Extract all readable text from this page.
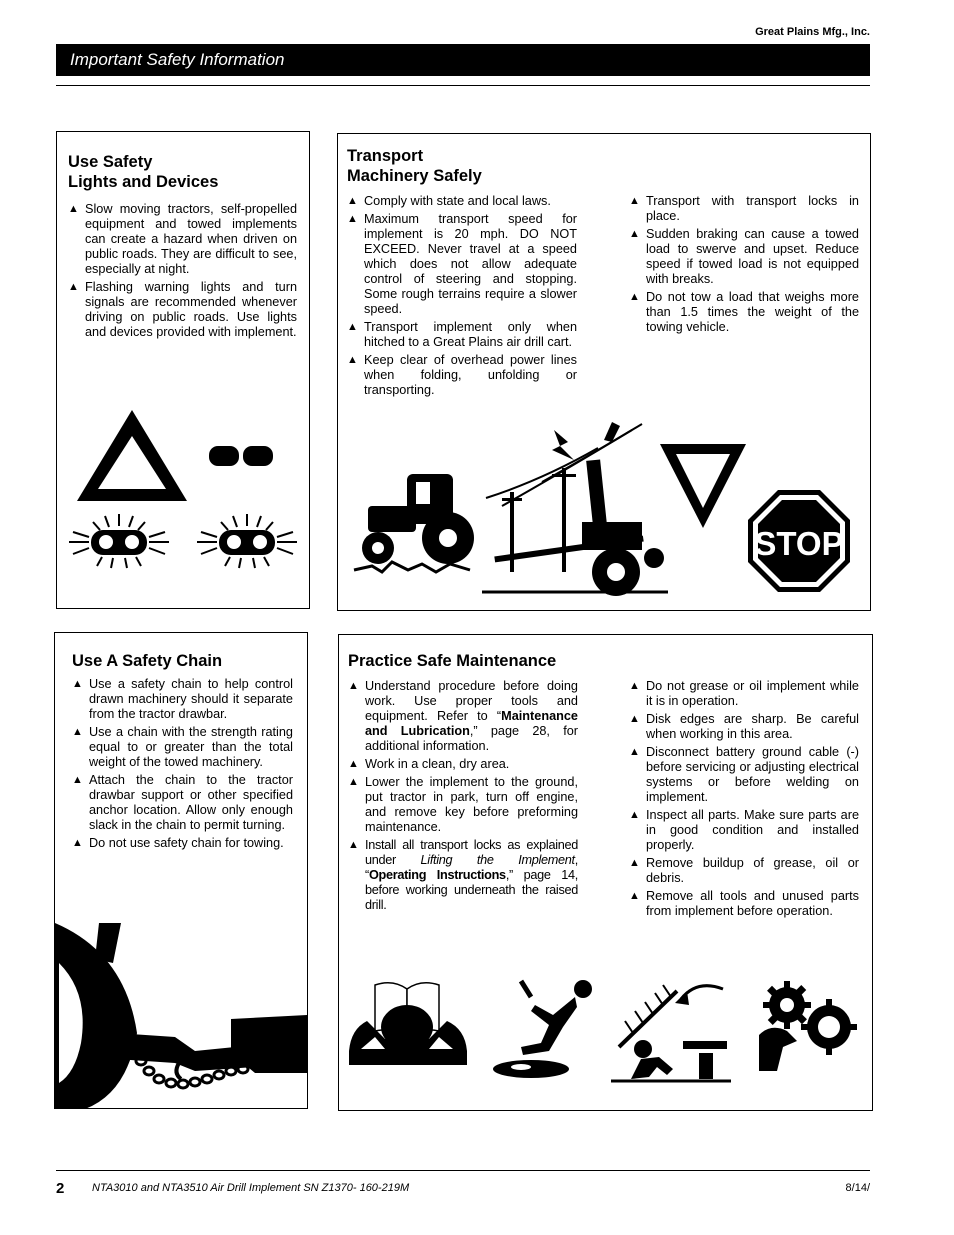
Great Plains Mfg., Inc.
Important Safety Information
Use Safety
Lights and Devices
▲ Slow moving tractors, self-propelled equipment and towed implements can create a hazard when driven on public roads. They are difficult to see, especially at night.
▲ Flashing warning lights and turn signals are recommended whenever driving on public roads. Use lights and devices provided with implement.
Transport
Machinery Safely
▲ Comply with state and local laws.
▲ Maximum transport speed for implement is 20 mph. DO NOT EXCEED. Never travel at a speed which does not allow adequate control of steering and stopping. Some rough terrains require a slower speed.
▲ Transport implement only when hitched to a Great Plains air drill cart.
▲ Keep clear of overhead power lines when folding, unfolding or transporting.
▲ Transport with transport locks in place.
▲ Sudden braking can cause a towed load to swerve and upset. Reduce speed if towed load is not equipped with breaks.
▲ Do not tow a load that weighs more than 1.5 times the weight of the towing vehicle.
STOP
Use A Safety Chain
▲ Use a safety chain to help control drawn machinery should it separate from the tractor drawbar.
▲ Use a chain with the strength rating equal to or greater than the total weight of the towed machinery.
▲ Attach the chain to the tractor drawbar support or other specified anchor location. Allow only enough slack in the chain to permit turning.
▲ Do not use safety chain for towing.
Practice Safe Maintenance
▲ Understand procedure before doing work. Use proper tools and equipment. Refer to “Maintenance and Lubrication,” page 28, for additional information.
▲ Work in a clean, dry area.
▲ Lower the implement to the ground, put tractor in park, turn off engine, and remove key before preforming maintenance.
▲ Install all transport locks as explained under Lifting the Implement, “Operating Instructions,” page 14, before working underneath the raised drill.
▲ Do not grease or oil implement while it is in operation.
▲ Disk edges are sharp. Be careful when working in this area.
▲ Disconnect battery ground cable (-) before servicing or adjusting electrical systems or before welding on implement.
▲ Inspect all parts. Make sure parts are in good condition and installed properly.
▲ Remove buildup of grease, oil or debris.
▲ Remove all tools and unused parts from implement before operation.
2	NTA3010 and NTA3510 Air Drill Implement SN Z1370- 160-219M	8/14/
